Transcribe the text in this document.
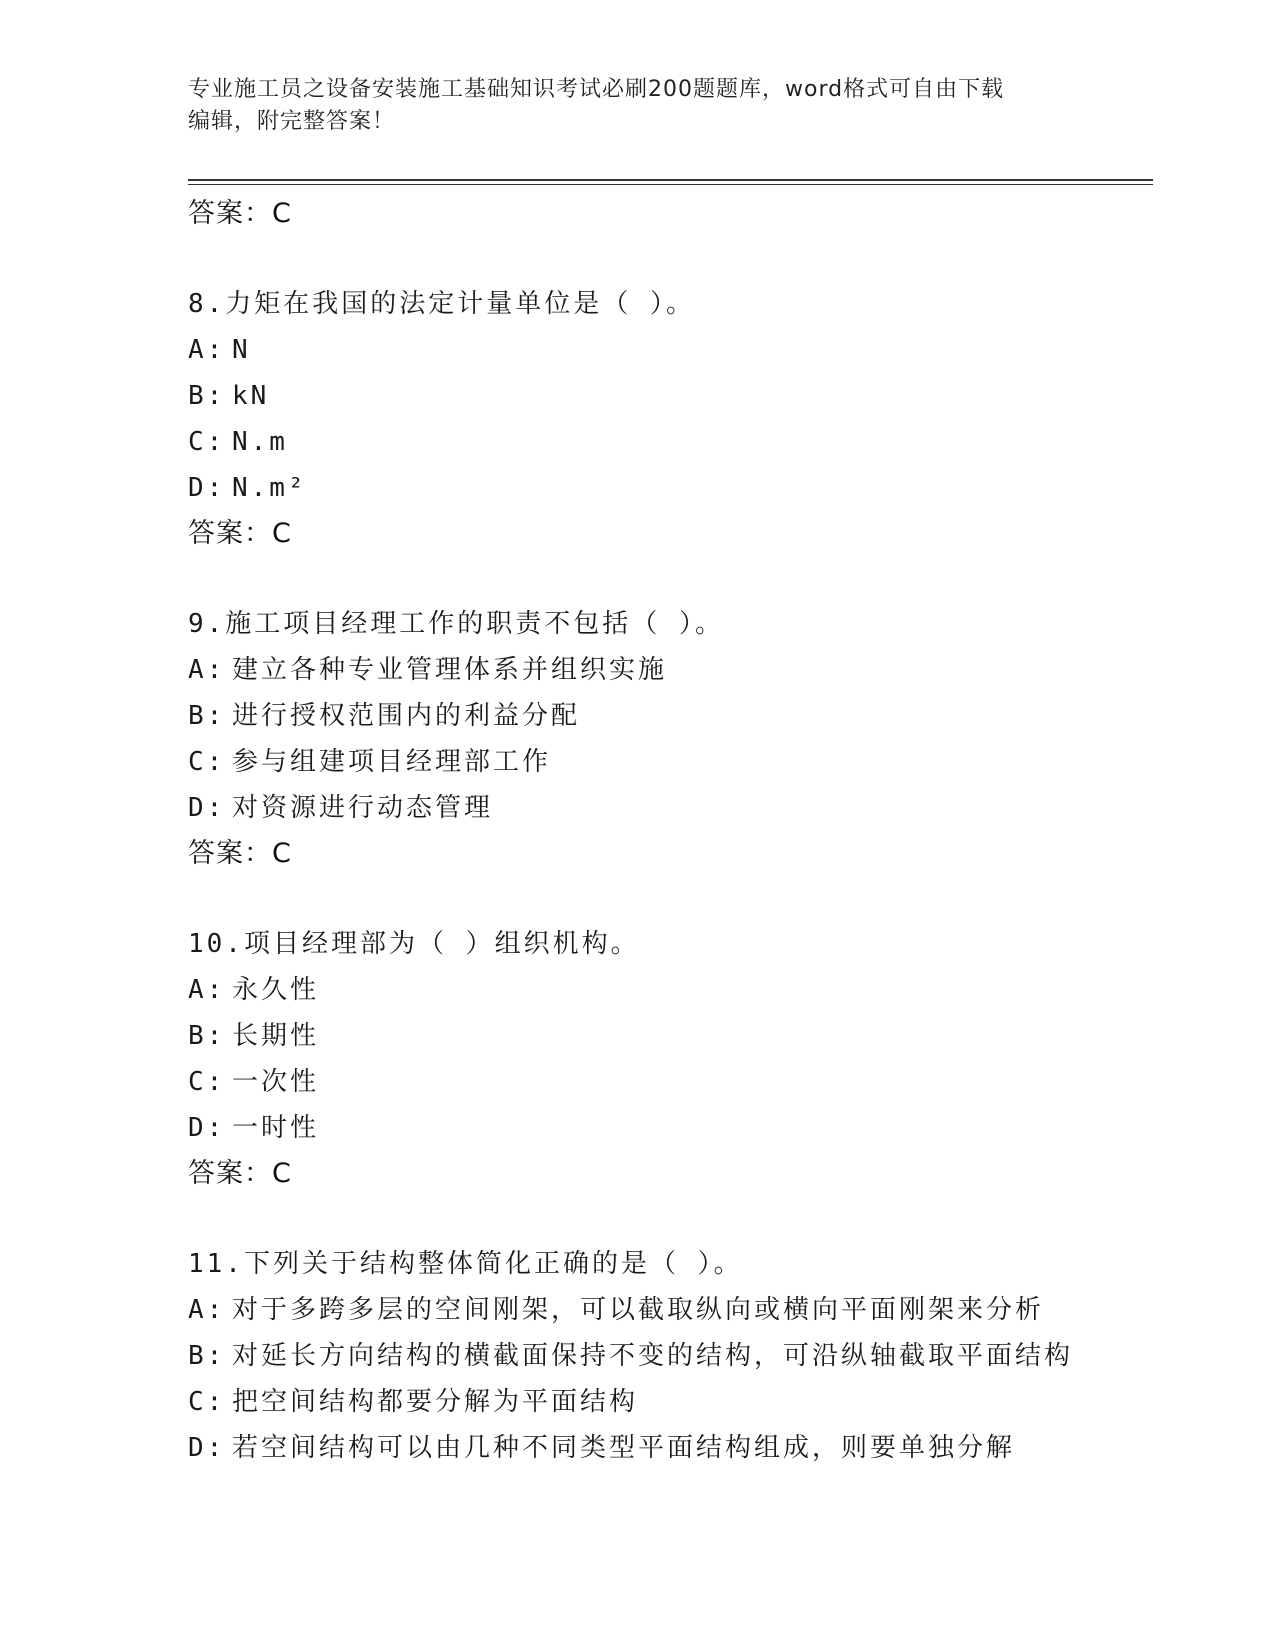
专业施工员之设备安装施工基础知识考试必刷200题题库，word格式可自由下载
编辑，附完整答案！
答案：C
8.力矩在我国的法定计量单位是（ ）。
A: N
B: kN
C: N.m
D: N.m²
答案：C
9.施工项目经理工作的职责不包括（ ）。
A: 建立各种专业管理体系并组织实施
B: 进行授权范围内的利益分配
C: 参与组建项目经理部工作
D: 对资源进行动态管理
答案：C
10.项目经理部为（ ）组织机构。
A: 永久性
B: 长期性
C: 一次性
D: 一时性
答案：C
11.下列关于结构整体简化正确的是（ ）。
A: 对于多跨多层的空间刚架，可以截取纵向或横向平面刚架来分析
B: 对延长方向结构的横截面保持不变的结构，可沿纵轴截取平面结构
C: 把空间结构都要分解为平面结构
D: 若空间结构可以由几种不同类型平面结构组成，则要单独分解
